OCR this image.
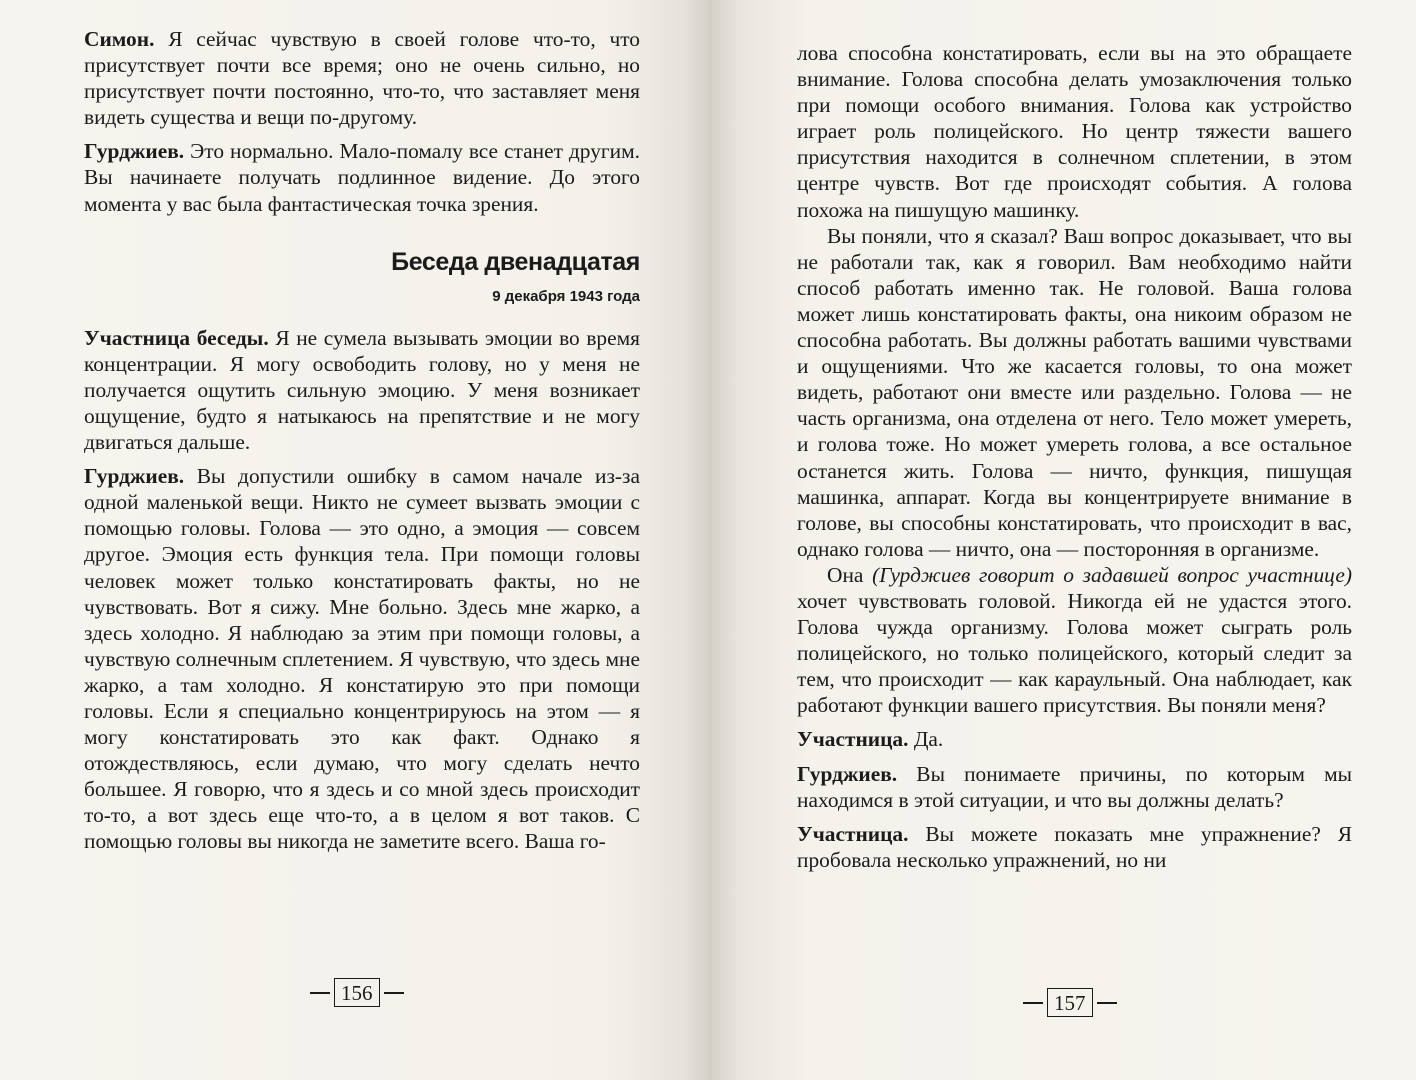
Симон. Я сейчас чувствую в своей голове что-то, что присутствует почти все время; оно не очень сильно, но присутствует почти постоянно, что-то, что заставляет меня видеть существа и вещи по-другому.

Гурджиев. Это нормально. Мало-помалу все станет другим. Вы начинаете получать подлинное видение. До этого момента у вас была фантастическая точка зрения.

Беседа двенадцатая
9 декабря 1943 года

Участница беседы. Я не сумела вызывать эмоции во время концентрации. Я могу освободить голову, но у меня не получается ощутить сильную эмоцию. У меня возникает ощущение, будто я натыкаюсь на препятствие и не могу двигаться дальше.

Гурджиев. Вы допустили ошибку в самом начале из-за одной маленькой вещи. Никто не сумеет вызвать эмоции с помощью головы. Голова — это одно, а эмоция — совсем другое. Эмоция есть функция тела. При помощи головы человек может только констатировать факты, но не чувствовать. Вот я сижу. Мне больно. Здесь мне жарко, а здесь холодно. Я наблюдаю за этим при помощи головы, а чувствую солнечным сплетением. Я чувствую, что здесь мне жарко, а там холодно. Я констатирую это при помощи головы. Если я специально концентрируюсь на этом — я могу констатировать это как факт. Однако я отождествляюсь, если думаю, что могу сделать нечто большее. Я говорю, что я здесь и со мной здесь происходит то-то, а вот здесь еще что-то, а в целом я вот таков. С помощью головы вы никогда не заметите всего. Ваша го-

156

лова способна констатировать, если вы на это обращаете внимание. Голова способна делать умозаключения только при помощи особого внимания. Голова как устройство играет роль полицейского. Но центр тяжести вашего присутствия находится в солнечном сплетении, в этом центре чувств. Вот где происходят события. А голова похожа на пишущую машинку.

Вы поняли, что я сказал? Ваш вопрос доказывает, что вы не работали так, как я говорил. Вам необходимо найти способ работать именно так. Не головой. Ваша голова может лишь констатировать факты, она никоим образом не способна работать. Вы должны работать вашими чувствами и ощущениями. Что же касается головы, то она может видеть, работают они вместе или раздельно. Голова — не часть организма, она отделена от него. Тело может умереть, и голова тоже. Но может умереть голова, а все остальное останется жить. Голова — ничто, функция, пишущая машинка, аппарат. Когда вы концентрируете внимание в голове, вы способны констатировать, что происходит в вас, однако голова — ничто, она — посторонняя в организме.

Она (Гурджиев говорит о задавшей вопрос участнице) хочет чувствовать головой. Никогда ей не удастся этого. Голова чужда организму. Голова может сыграть роль полицейского, но только полицейского, который следит за тем, что происходит — как караульный. Она наблюдает, как работают функции вашего присутствия. Вы поняли меня?

Участница. Да.

Гурджиев. Вы понимаете причины, по которым мы находимся в этой ситуации, и что вы должны делать?

Участница. Вы можете показать мне упражнение? Я пробовала несколько упражнений, но ни

157
